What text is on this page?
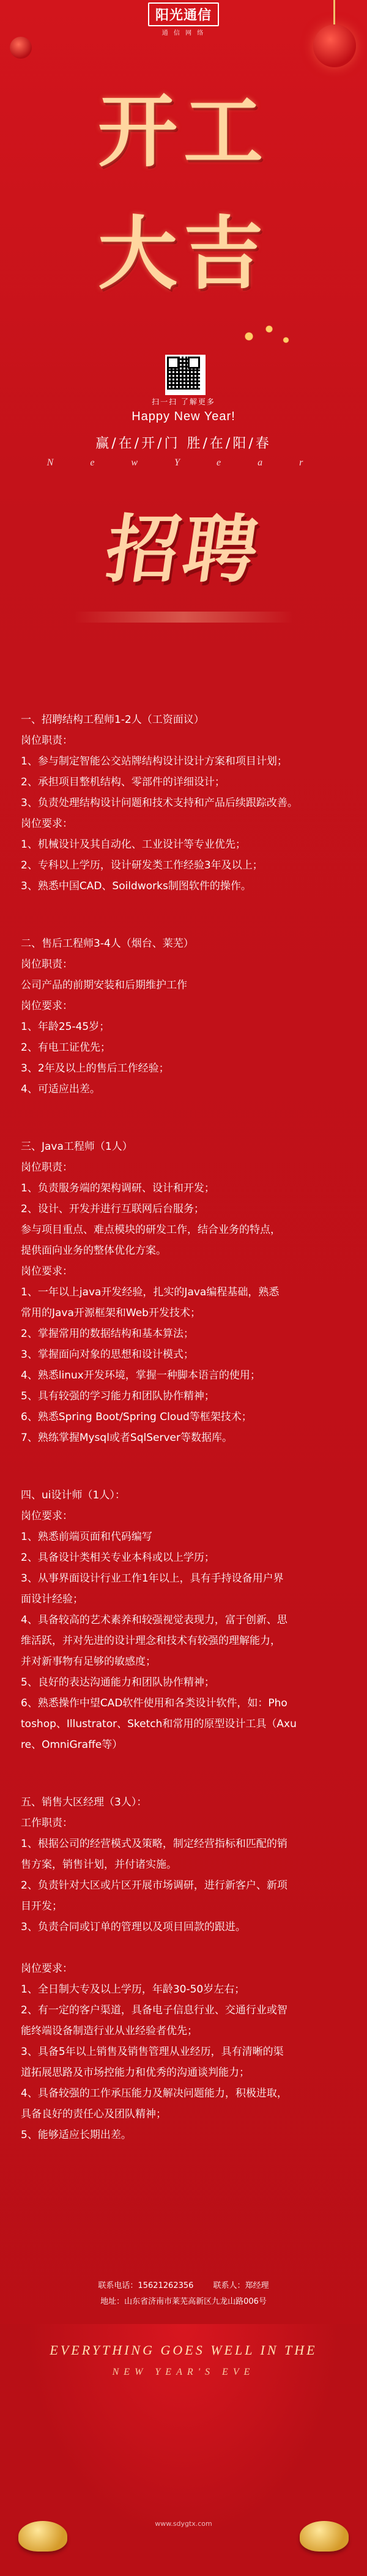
阳光通信
通 信 网 络
开工
大吉
扫一扫 了解更多
Happy New Year!
赢/在/开/门 胜/在/阳/春
N e w Y e a r
招聘

一、招聘结构工程师1-2人（工资面议）

岗位职责：

1、参与制定智能公交站牌结构设计设计方案和项目计划；

2、承担项目整机结构、零部件的详细设计；

3、负责处理结构设计问题和技术支持和产品后续跟踪改善。

岗位要求：

1、机械设计及其自动化、工业设计等专业优先；

2、专科以上学历，设计研发类工作经验3年及以上；

3、熟悉中国CAD、Soildworks制图软件的操作。

二、售后工程师3-4人（烟台、莱芜）

岗位职责：

公司产品的前期安装和后期维护工作

岗位要求：

1、年龄25-45岁；

2、有电工证优先；

3、2年及以上的售后工作经验；

4、可适应出差。

三、Java工程师（1人）

岗位职责：

1、负责服务端的架构调研、设计和开发；

2、设计、开发并进行互联网后台服务；

参与项目重点、难点模块的研发工作，结合业务的特点，

提供面向业务的整体优化方案。

岗位要求：

1、一年以上java开发经验，扎实的Java编程基础，熟悉

常用的Java开源框架和Web开发技术；

2、掌握常用的数据结构和基本算法；

3、掌握面向对象的思想和设计模式；

4、熟悉linux开发环境，掌握一种脚本语言的使用；

5、具有较强的学习能力和团队协作精神；

6、熟悉Spring Boot/Spring Cloud等框架技术；

7、熟练掌握Mysql或者SqlServer等数据库。

四、ui设计师（1人）：

岗位要求：

1、熟悉前端页面和代码编写

2、具备设计类相关专业本科或以上学历；

3、从事界面设计行业工作1年以上，具有手持设备用户界

面设计经验；

4、具备较高的艺术素养和较强视觉表现力，富于创新、思

维活跃，并对先进的设计理念和技术有较强的理解能力，

并对新事物有足够的敏感度；

5、良好的表达沟通能力和团队协作精神；

6、熟悉操作中望CAD软件使用和各类设计软件，如：Pho

toshop、Illustrator、Sketch和常用的原型设计工具（Axu

re、OmniGraffe等）

五、销售大区经理（3人）：

工作职责：

1、根据公司的经营模式及策略，制定经营指标和匹配的销

售方案，销售计划，并付诸实施。

2、负责针对大区或片区开展市场调研，进行新客户、新项

目开发；

3、负责合同或订单的管理以及项目回款的跟进。

岗位要求：

1、全日制大专及以上学历，年龄30-50岁左右；

2、有一定的客户渠道，具备电子信息行业、交通行业或智

能终端设备制造行业从业经验者优先；

3、具备5年以上销售及销售管理从业经历，具有清晰的渠

道拓展思路及市场控能力和优秀的沟通谈判能力；

4、具备较强的工作承压能力及解决问题能力，积极进取，

具备良好的责任心及团队精神；

5、能够适应长期出差。

联系电话：15621262356 联系人：郑经理
地址：山东省济南市莱芜高新区九龙山路006号
EVERYTHING GOES WELL IN THE
NEW YEAR'S EVE
www.sdygtx.com
